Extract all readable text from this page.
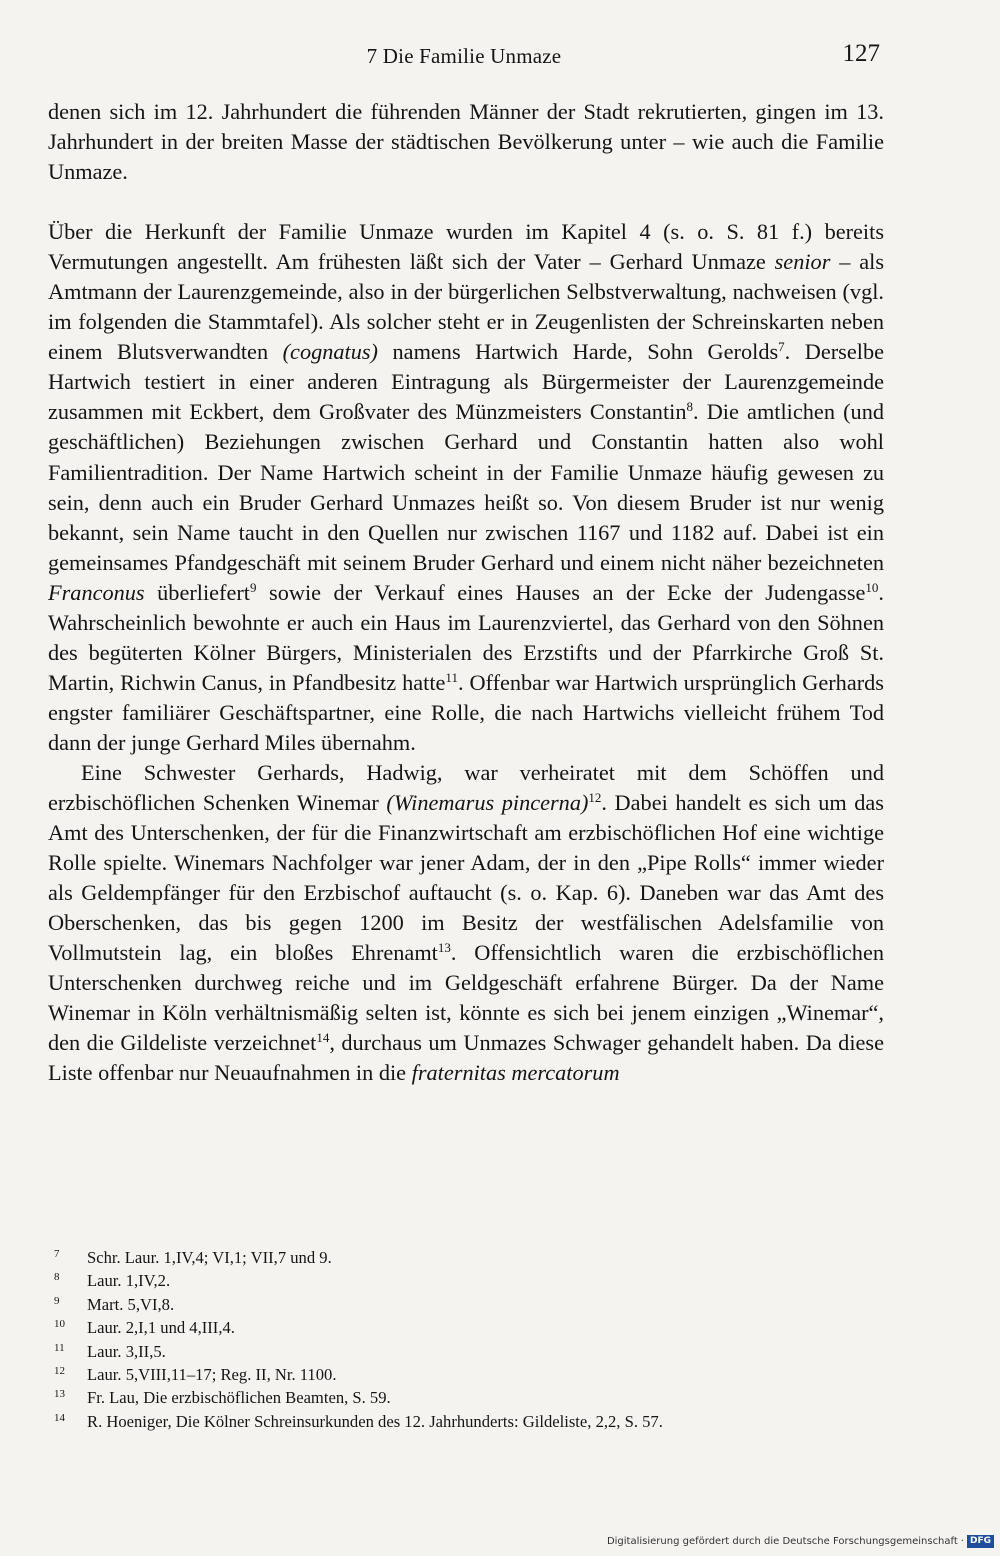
7 Die Familie Unmaze	127

denen sich im 12. Jahrhundert die führenden Männer der Stadt rekrutierten, gingen im 13. Jahrhundert in der breiten Masse der städtischen Bevölkerung unter – wie auch die Familie Unmaze.

Über die Herkunft der Familie Unmaze wurden im Kapitel 4 (s. o. S. 81 f.) bereits Vermutungen angestellt. Am frühesten läßt sich der Vater – Gerhard Unmaze senior – als Amtmann der Laurenzgemeinde, also in der bürgerlichen Selbstverwaltung, nachweisen (vgl. im folgenden die Stammtafel). Als solcher steht er in Zeugenlisten der Schreinskarten neben einem Blutsverwandten (cognatus) namens Hartwich Harde, Sohn Gerolds$^7$. Derselbe Hartwich testiert in einer anderen Eintragung als Bürgermeister der Laurenzgemeinde zusammen mit Eckbert, dem Großvater des Münzmeisters Constantin$^8$. Die amtlichen (und geschäftlichen) Beziehungen zwischen Gerhard und Constantin hatten also wohl Familientradition. Der Name Hartwich scheint in der Familie Unmaze häufig gewesen zu sein, denn auch ein Bruder Gerhard Unmazes heißt so. Von diesem Bruder ist nur wenig bekannt, sein Name taucht in den Quellen nur zwischen 1167 und 1182 auf. Dabei ist ein gemeinsames Pfandgeschäft mit seinem Bruder Gerhard und einem nicht näher bezeichneten Franconus überliefert$^9$ sowie der Verkauf eines Hauses an der Ecke der Judengasse$^{10}$. Wahrscheinlich bewohnte er auch ein Haus im Laurenzviertel, das Gerhard von den Söhnen des begüterten Kölner Bürgers, Ministerialen des Erzstifts und der Pfarrkirche Groß St. Martin, Richwin Canus, in Pfandbesitz hatte$^{11}$. Offenbar war Hartwich ursprünglich Gerhards engster familiärer Geschäftspartner, eine Rolle, die nach Hartwichs vielleicht frühem Tod dann der junge Gerhard Miles übernahm.

Eine Schwester Gerhards, Hadwig, war verheiratet mit dem Schöffen und erzbischöflichen Schenken Winemar (Winemarus pincerna)$^{12}$. Dabei handelt es sich um das Amt des Unterschenken, der für die Finanzwirtschaft am erzbischöflichen Hof eine wichtige Rolle spielte. Winemars Nachfolger war jener Adam, der in den „Pipe Rolls“ immer wieder als Geldempfänger für den Erzbischof auftaucht (s. o. Kap. 6). Daneben war das Amt des Oberschenken, das bis gegen 1200 im Besitz der westfälischen Adelsfamilie von Vollmutstein lag, ein bloßes Ehrenamt$^{13}$. Offensichtlich waren die erzbischöflichen Unterschenken durchweg reiche und im Geldgeschäft erfahrene Bürger. Da der Name Winemar in Köln verhältnismäßig selten ist, könnte es sich bei jenem einzigen „Winemar“, den die Gildeliste verzeichnet$^{14}$, durchaus um Unmazes Schwager gehandelt haben. Da diese Liste offenbar nur Neuaufnahmen in die fraternitas mercatorum

7	Schr. Laur. 1,IV,4; VI,1; VII,7 und 9.
8	Laur. 1,IV,2.
9	Mart. 5,VI,8.
10	Laur. 2,I,1 und 4,III,4.
11	Laur. 3,II,5.
12	Laur. 5,VIII,11–17; Reg. II, Nr. 1100.
13	Fr. Lau, Die erzbischöflichen Beamten, S. 59.
14	R. Hoeniger, Die Kölner Schreinsurkunden des 12. Jahrhunderts: Gildeliste, 2,2, S. 57.
Digitalisierung gefördert durch die Deutsche Forschungsgemeinschaft · DFG
